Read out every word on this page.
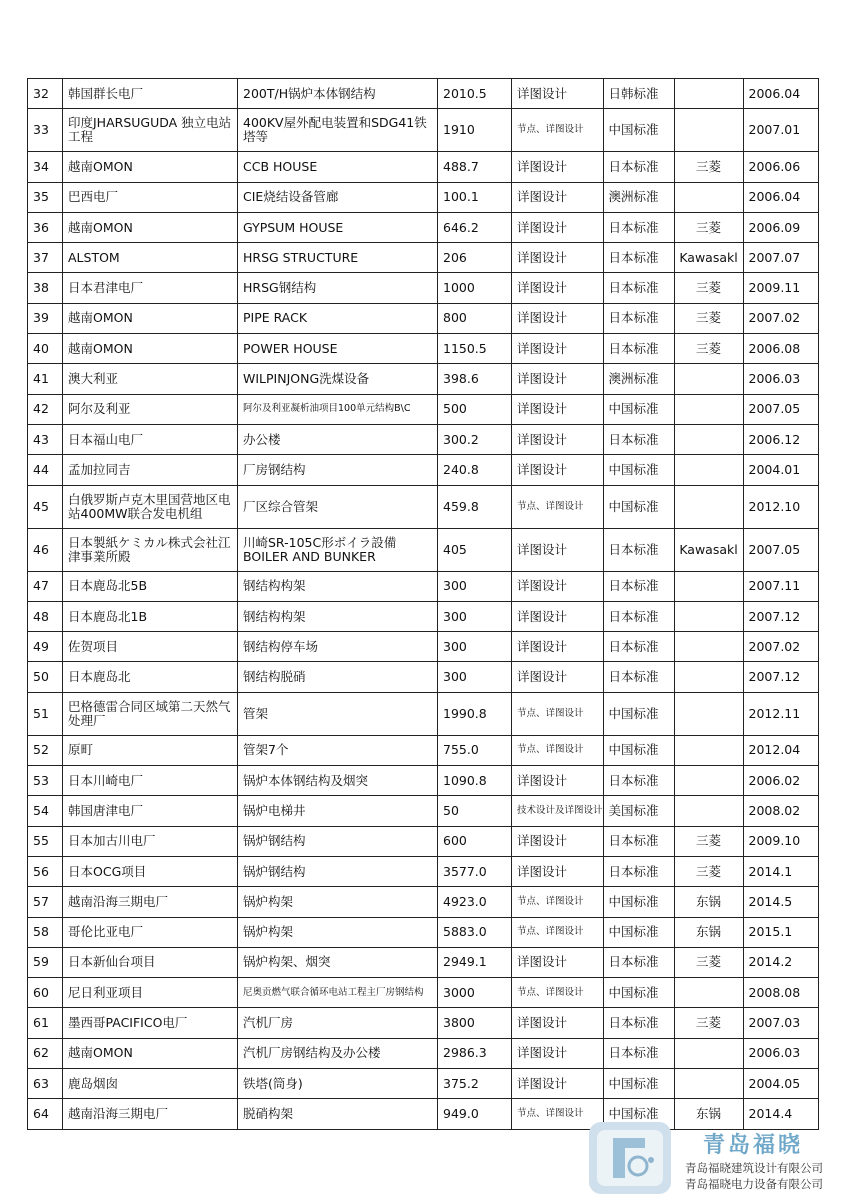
32	韩国群长电厂	200T/H锅炉本体钢结构	2010.5	详图设计	日韩标准		2006.04
33	印度JHARSUGUDA 独立电站工程	400KV屋外配电装置和SDG41铁塔等	1910	节点、详图设计	中国标准		2007.01
34	越南OMON	CCB HOUSE	488.7	详图设计	日本标准	三菱	2006.06
35	巴西电厂	CIE烧结设备管廊	100.1	详图设计	澳洲标准		2006.04
36	越南OMON	GYPSUM HOUSE	646.2	详图设计	日本标准	三菱	2006.09
37	ALSTOM	HRSG STRUCTURE	206	详图设计	日本标准	Kawasakl	2007.07
38	日本君津电厂	HRSG钢结构	1000	详图设计	日本标准	三菱	2009.11
39	越南OMON	PIPE RACK	800	详图设计	日本标准	三菱	2007.02
40	越南OMON	POWER HOUSE	1150.5	详图设计	日本标准	三菱	2006.08
41	澳大利亚	WILPINJONG洗煤设备	398.6	详图设计	澳洲标准		2006.03
42	阿尔及利亚	阿尔及利亚凝析油项目100单元结构B\C	500	详图设计	中国标准		2007.05
43	日本福山电厂	办公楼	300.2	详图设计	日本标准		2006.12
44	孟加拉同吉	厂房钢结构	240.8	详图设计	中国标准		2004.01
45	白俄罗斯卢克木里国营地区电站400MW联合发电机组	厂区综合管架	459.8	节点、详图设计	中国标准		2012.10
46	日本製紙ケミカル株式会社江津事業所殿	川崎SR-105C形ボイラ設備BOILER AND BUNKER	405	详图设计	日本标准	Kawasakl	2007.05
47	日本鹿岛北5B	钢结构构架	300	详图设计	日本标准		2007.11
48	日本鹿岛北1B	钢结构构架	300	详图设计	日本标准		2007.12
49	佐贺项目	钢结构停车场	300	详图设计	日本标准		2007.02
50	日本鹿岛北	钢结构脱硝	300	详图设计	日本标准		2007.12
51	巴格德雷合同区域第二天然气处理厂	管架	1990.8	节点、详图设计	中国标准		2012.11
52	原町	管架7个	755.0	节点、详图设计	中国标准		2012.04
53	日本川崎电厂	锅炉本体钢结构及烟突	1090.8	详图设计	日本标准		2006.02
54	韩国唐津电厂	锅炉电梯井	50	技术设计及详图设计	美国标准		2008.02
55	日本加古川电厂	锅炉钢结构	600	详图设计	日本标准	三菱	2009.10
56	日本OCG项目	锅炉钢结构	3577.0	详图设计	日本标准	三菱	2014.1
57	越南沿海三期电厂	锅炉构架	4923.0	节点、详图设计	中国标准	东锅	2014.5
58	哥伦比亚电厂	锅炉构架	5883.0	节点、详图设计	中国标准	东锅	2015.1
59	日本新仙台项目	锅炉构架、烟突	2949.1	详图设计	日本标准	三菱	2014.2
60	尼日利亚项目	尼奥贡燃气联合循环电站工程主厂房钢结构	3000	节点、详图设计	中国标准		2008.08
61	墨西哥PACIFICO电厂	汽机厂房	3800	详图设计	日本标准	三菱	2007.03
62	越南OMON	汽机厂房钢结构及办公楼	2986.3	详图设计	日本标准		2006.03
63	鹿岛烟囱	铁塔(筒身)	375.2	详图设计	中国标准		2004.05
64	越南沿海三期电厂	脱硝构架	949.0	节点、详图设计	中国标准	东锅	2014.4
青岛福晓
青岛福晓建筑设计有限公司
青岛福晓电力设备有限公司
